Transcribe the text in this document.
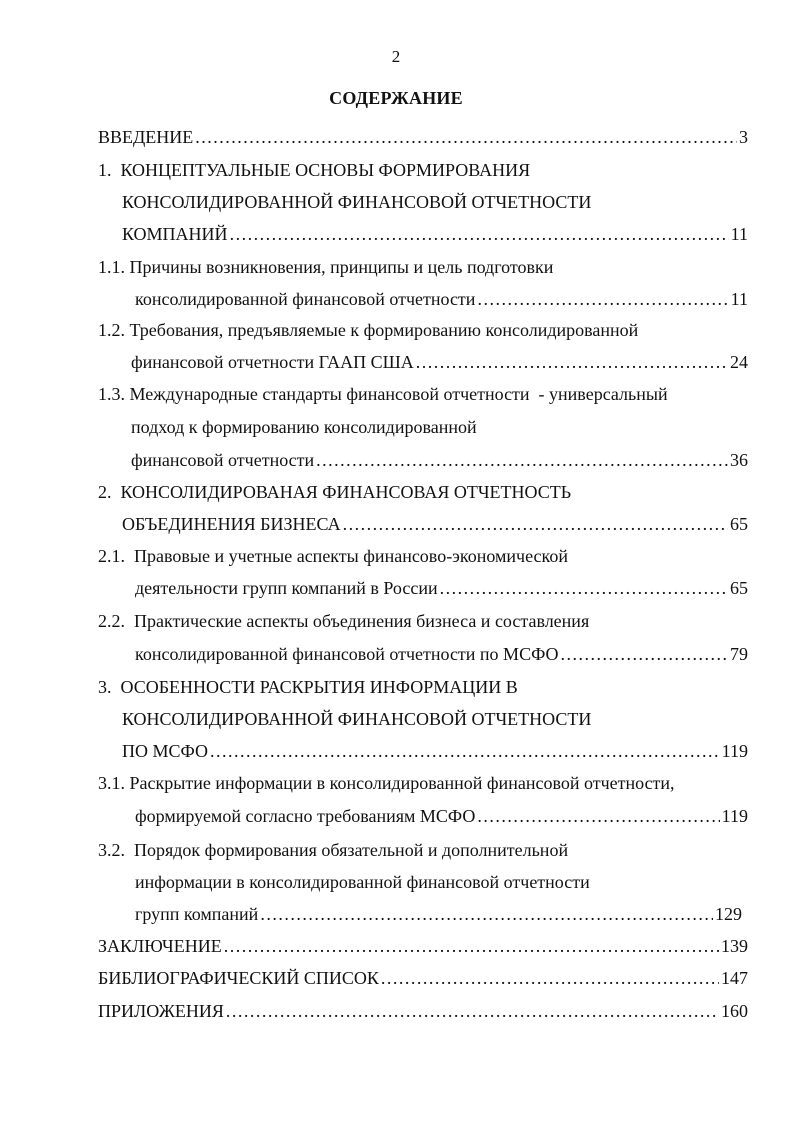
2
СОДЕРЖАНИЕ
ВВЕДЕНИЕ .....	3
1.  КОНЦЕПТУАЛЬНЫЕ ОСНОВЫ ФОРМИРОВАНИЯ
КОНСОЛИДИРОВАННОЙ ФИНАНСОВОЙ ОТЧЕТНОСТИ
КОМПАНИЙ .....	11
1.1. Причины возникновения, принципы и цель подготовки
консолидированной финансовой отчетности .....	11
1.2. Требования, предъявляемые к формированию консолидированной
финансовой отчетности ГААП США .....	24
1.3. Международные стандарты финансовой отчетности  - универсальный
подход к формированию консолидированной
финансовой отчетности .....	36
2.  КОНСОЛИДИРОВАНАЯ ФИНАНСОВАЯ ОТЧЕТНОСТЬ
ОБЪЕДИНЕНИЯ БИЗНЕСА .....	65
2.1.  Правовые и учетные аспекты финансово-экономической
деятельности групп компаний в России .....	65
2.2.  Практические аспекты объединения бизнеса и составления
консолидированной финансовой отчетности по МСФО .....	79
3.  ОСОБЕННОСТИ РАСКРЫТИЯ ИНФОРМАЦИИ В
КОНСОЛИДИРОВАННОЙ ФИНАНСОВОЙ ОТЧЕТНОСТИ
ПО МСФО .....	119
3.1. Раскрытие информации в консолидированной финансовой отчетности,
формируемой согласно требованиям МСФО .....	119
3.2.  Порядок формирования обязательной и дополнительной
информации в консолидированной финансовой отчетности
групп компаний .....	129
ЗАКЛЮЧЕНИЕ .....	139
БИБЛИОГРАФИЧЕСКИЙ СПИСОК .....	147
ПРИЛОЖЕНИЯ .....	160
